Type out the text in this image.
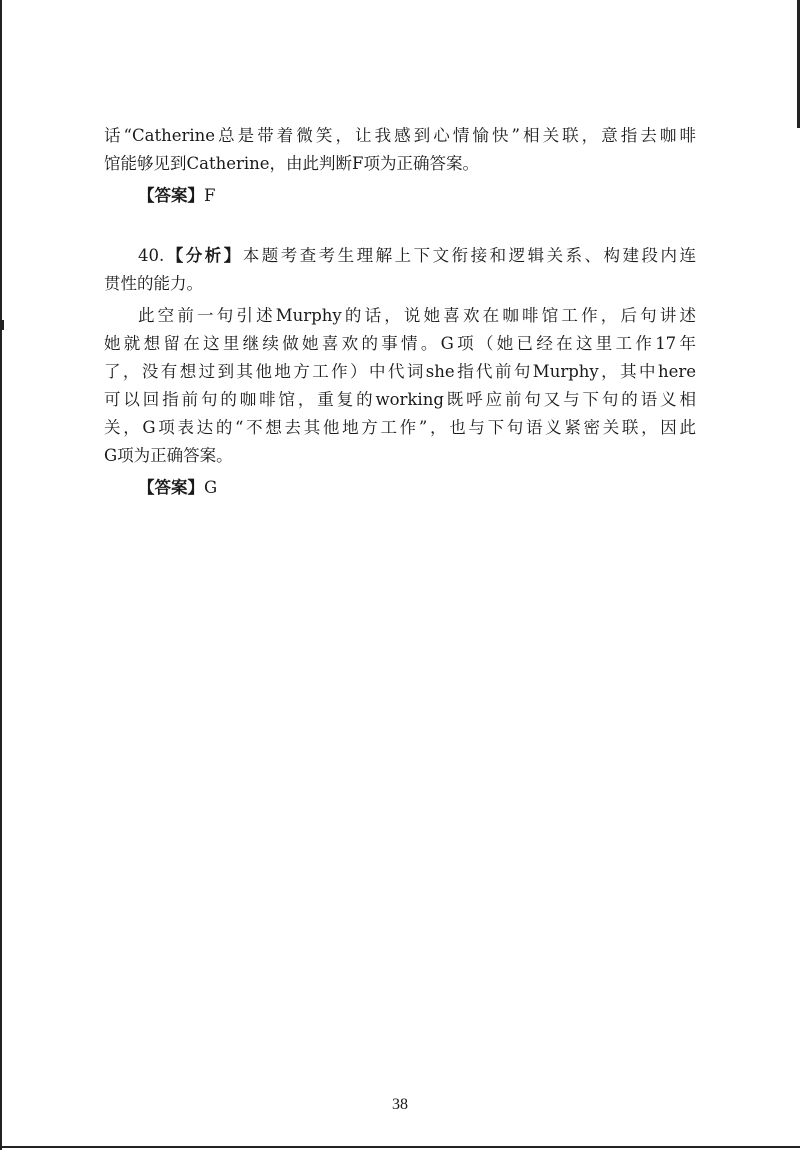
话“Catherine总是带着微笑，让我感到心情愉快”相关联，意指去咖啡
馆能够见到Catherine，由此判断F项为正确答案。
【答案】F
40.【分析】本题考查考生理解上下文衔接和逻辑关系、构建段内连
贯性的能力。
此空前一句引述Murphy的话，说她喜欢在咖啡馆工作，后句讲述
她就想留在这里继续做她喜欢的事情。G项（她已经在这里工作17年
了，没有想过到其他地方工作）中代词she指代前句Murphy，其中here
可以回指前句的咖啡馆，重复的working既呼应前句又与下句的语义相
关，G项表达的“不想去其他地方工作”，也与下句语义紧密关联，因此
G项为正确答案。
【答案】G
38
